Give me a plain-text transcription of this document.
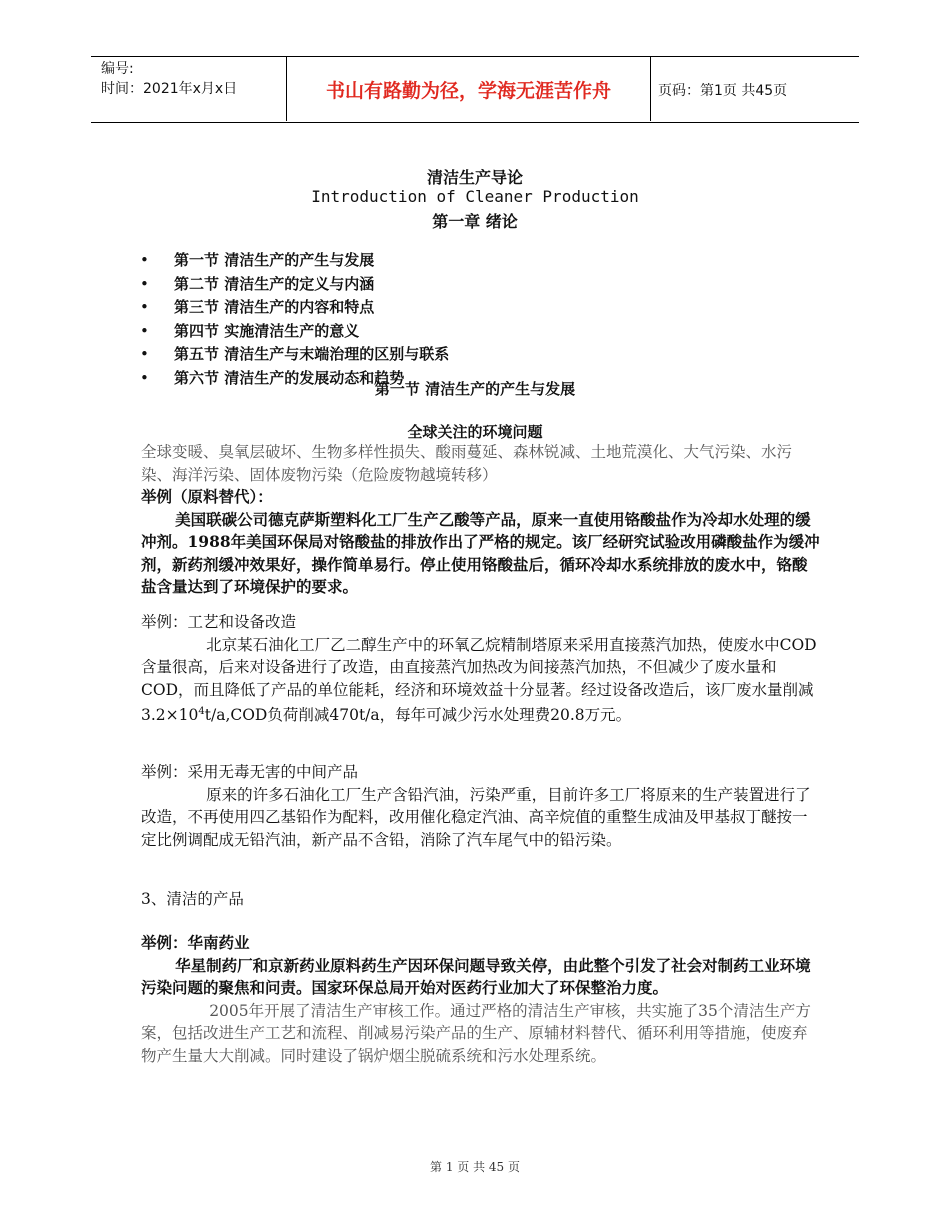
编号:
时间：2021年x月x日	书山有路勤为径，学海无涯苦作舟	页码：第1页 共45页
清洁生产导论
Introduction of Cleaner Production
第一章 绪论
• 第一节 清洁生产的产生与发展
• 第二节 清洁生产的定义与内涵
• 第三节 清洁生产的内容和特点
• 第四节 实施清洁生产的意义
• 第五节 清洁生产与末端治理的区别与联系
• 第六节 清洁生产的发展动态和趋势
第一节 清洁生产的产生与发展
全球关注的环境问题

全球变暖、臭氧层破坏、生物多样性损失、酸雨蔓延、森林锐减、土地荒漠化、大气污染、水污染、海洋污染、固体废物污染（危险废物越境转移）

举例（原料替代）：

美国联碳公司德克萨斯塑料化工厂生产乙酸等产品，原来一直使用铬酸盐作为冷却水处理的缓冲剂。1988年美国环保局对铬酸盐的排放作出了严格的规定。该厂经研究试验改用磷酸盐作为缓冲剂，新药剂缓冲效果好，操作简单易行。停止使用铬酸盐后，循环冷却水系统排放的废水中，铬酸盐含量达到了环境保护的要求。

举例：工艺和设备改造

北京某石油化工厂乙二醇生产中的环氧乙烷精制塔原来采用直接蒸汽加热，使废水中COD含量很高，后来对设备进行了改造，由直接蒸汽加热改为间接蒸汽加热，不但减少了废水量和COD，而且降低了产品的单位能耗，经济和环境效益十分显著。经过设备改造后，该厂废水量削减$3.2\times 10^4t/a,COD$负荷削减470t/a，每年可减少污水处理费20.8万元。

举例：采用无毒无害的中间产品

原来的许多石油化工厂生产含铅汽油，污染严重，目前许多工厂将原来的生产装置进行了改造，不再使用四乙基铅作为配料，改用催化稳定汽油、高辛烷值的重整生成油及甲基叔丁醚按一定比例调配成无铅汽油，新产品不含铅，消除了汽车尾气中的铅污染。

3、清洁的产品

举例：华南药业

华星制药厂和京新药业原料药生产因环保问题导致关停，由此整个引发了社会对制药工业环境污染问题的聚焦和问责。国家环保总局开始对医药行业加大了环保整治力度。

2005年开展了清洁生产审核工作。通过严格的清洁生产审核，共实施了35个清洁生产方案，包括改进生产工艺和流程、削减易污染产品的生产、原辅材料替代、循环利用等措施，使废弃物产生量大大削减。同时建设了锅炉烟尘脱硫系统和污水处理系统。

第 1 页 共 45 页
